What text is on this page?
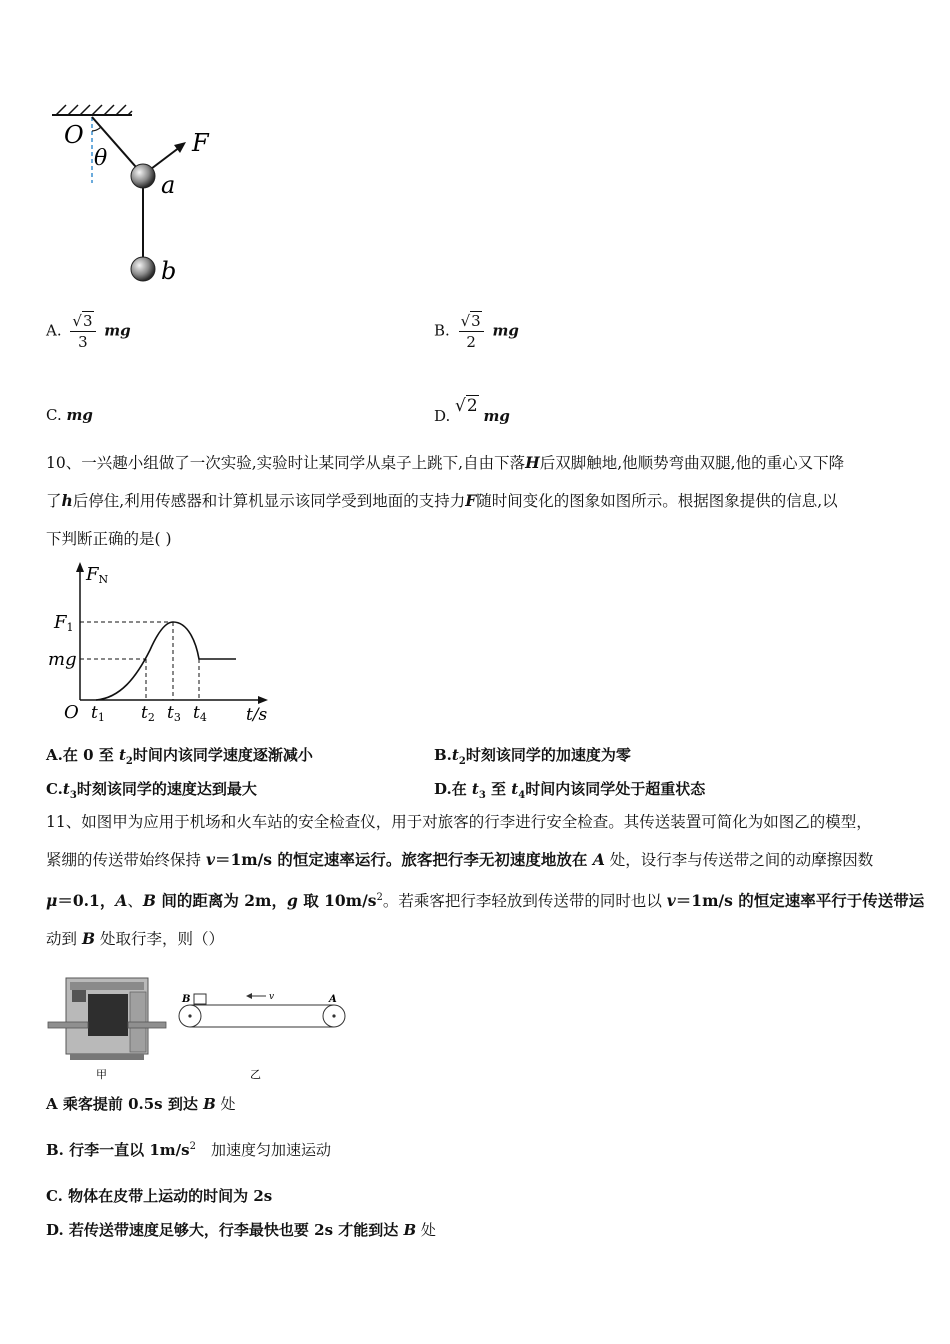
O
θ
F
a
b
A. $\frac{√3}{3}$ mg	B. $\frac{√3}{2}$ mg
C. mg	D. √2 mg
10、一兴趣小组做了一次实验,实验时让某同学从桌子上跳下,自由下落H后双脚触地,他顺势弯曲双腿,他的重心又下降
了h后停住,利用传感器和计算机显示该同学受到地面的支持力F随时间变化的图象如图所示。根据图象提供的信息,以
下判断正确的是( )
FN
F1
mg
O t1 t2 t3 t4 t/s
A.在 0 至 $t_2$时间内该同学速度逐渐减小	$B.t_2$时刻该同学的加速度为零
$C.t_3$时刻该同学的速度达到最大	D.在 $t_3$ 至 $t_4$时间内该同学处于超重状态
11、如图甲为应用于机场和火车站的安全检查仪，用于对旅客的行李进行安全检查。其传送装置可简化为如图乙的模型，
紧绷的传送带始终保持 v＝1m/s 的恒定速率运行。旅客把行李无初速度地放在 A 处，设行李与传送带之间的动摩擦因数
μ＝0.1，A、B 间的距离为 2m，g 取 $10m/s^2$。若乘客把行李轻放到传送带的同时也以 v＝1m/s 的恒定速率平行于传送带运
动到 B 处取行李，则（）
甲
B	A
v
乙
A 乘客提前 0.5s 到达 B 处
B. 行李一直以 $1m/s^2$　加速度匀加速运动
C. 物体在皮带上运动的时间为 2s
D. 若传送带速度足够大，行李最快也要 2s 才能到达 B 处
